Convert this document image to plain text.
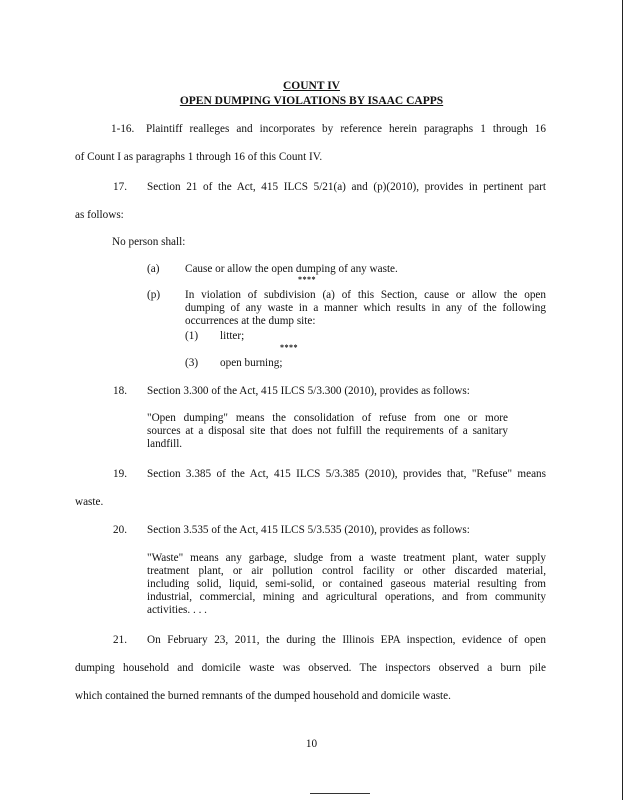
COUNT IV
OPEN DUMPING VIOLATIONS BY ISAAC CAPPS
1-16. Plaintiff realleges and incorporates by reference herein paragraphs 1 through 16
of Count I as paragraphs 1 through 16 of this Count IV.
17. Section 21 of the Act, 415 ILCS 5/21(a) and (p)(2010), provides in pertinent part
as follows:
No person shall:
(a) Cause or allow the open dumping of any waste.
****
(p) In violation of subdivision (a) of this Section, cause or allow the open
dumping of any waste in a manner which results in any of the following
occurrences at the dump site:
(1) litter;
****
(3) open burning;
18. Section 3.300 of the Act, 415 ILCS 5/3.300 (2010), provides as follows:
"Open dumping" means the consolidation of refuse from one or more
sources at a disposal site that does not fulfill the requirements of a sanitary
landfill.
19. Section 3.385 of the Act, 415 ILCS 5/3.385 (2010), provides that, "Refuse" means
waste.
20. Section 3.535 of the Act, 415 ILCS 5/3.535 (2010), provides as follows:
"Waste" means any garbage, sludge from a waste treatment plant, water supply
treatment plant, or air pollution control facility or other discarded material,
including solid, liquid, semi-solid, or contained gaseous material resulting from
industrial, commercial, mining and agricultural operations, and from community
activities. . . .
21. On February 23, 2011, the during the Illinois EPA inspection, evidence of open
dumping household and domicile waste was observed. The inspectors observed a burn pile
which contained the burned remnants of the dumped household and domicile waste.
10
